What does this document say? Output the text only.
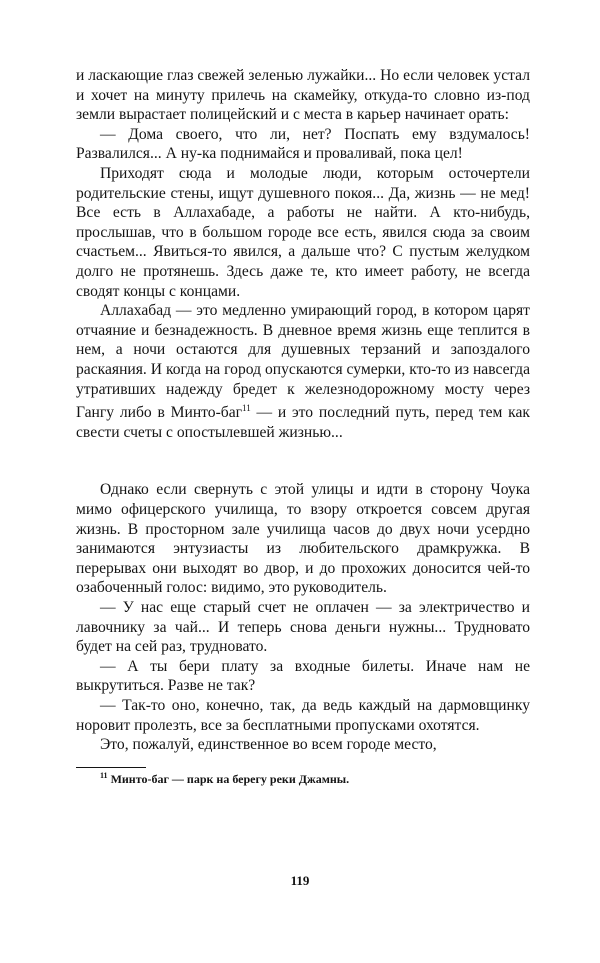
и ласкающие глаз свежей зеленью лужайки... Но если человек устал и хочет на минуту прилечь на скамейку, откуда-то словно из-под земли вырастает полицейский и с места в карьер начинает орать:

— Дома своего, что ли, нет? Поспать ему вздумалось! Развалился... А ну-ка поднимайся и проваливай, пока цел!

Приходят сюда и молодые люди, которым осточертели родительские стены, ищут душевного покоя... Да, жизнь — не мед! Все есть в Аллахабаде, а работы не найти. А кто-нибудь, прослышав, что в большом городе все есть, явился сюда за своим счастьем... Явиться-то явился, а дальше что? С пустым желудком долго не протянешь. Здесь даже те, кто имеет работу, не всегда сводят концы с концами.

Аллахабад — это медленно умирающий город, в котором царят отчаяние и безнадежность. В дневное время жизнь еще теплится в нем, а ночи остаются для душевных терзаний и запоздалого раскаяния. И когда на город опускаются сумерки, кто-то из навсегда утративших надежду бредет к железнодорожному мосту через Гангу либо в Минто-баг$^{11}$ — и это последний путь, перед тем как свести счеты с опостылевшей жизнью...

Однако если свернуть с этой улицы и идти в сторону Чоука мимо офицерского училища, то взору откроется совсем другая жизнь. В просторном зале училища часов до двух ночи усердно занимаются энтузиасты из любительского драмкружка. В перерывах они выходят во двор, и до прохожих доносится чей-то озабоченный голос: видимо, это руководитель.

— У нас еще старый счет не оплачен — за электричество и лавочнику за чай... И теперь снова деньги нужны... Трудновато будет на сей раз, трудновато.

— А ты бери плату за входные билеты. Иначе нам не выкрутиться. Разве не так?

— Так-то оно, конечно, так, да ведь каждый на дармовщинку норовит пролезть, все за бесплатными пропусками охотятся.

Это, пожалуй, единственное во всем городе место,

$^{11}$ Минто-баг — парк на берегу реки Джамны.

119
